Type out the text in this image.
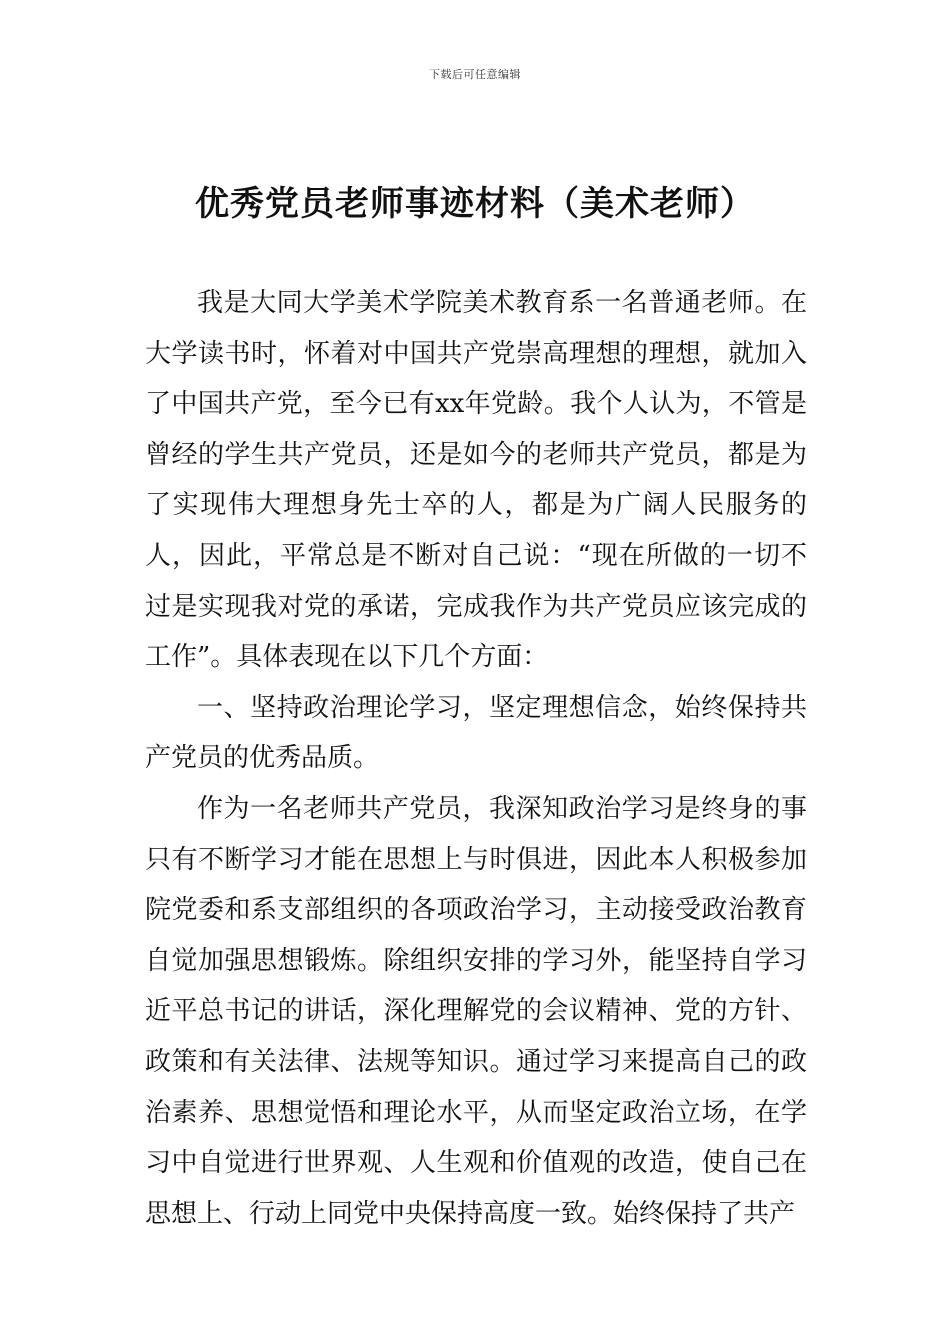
下载后可任意编辑
优秀党员老师事迹材料（美术老师）

我是大同大学美术学院美术教育系一名普通老师。在大学读书时，怀着对中国共产党崇高理想的理想，就加入了中国共产党，至今已有xx年党龄。我个人认为，不管是曾经的学生共产党员，还是如今的老师共产党员，都是为了实现伟大理想身先士卒的人，都是为广阔人民服务的人，因此，平常总是不断对自己说：“现在所做的一切不过是实现我对党的承诺，完成我作为共产党员应该完成的工作”。具体表现在以下几个方面：

一、坚持政治理论学习，坚定理想信念，始终保持共产党员的优秀品质。

作为一名老师共产党员，我深知政治学习是终身的事只有不断学习才能在思想上与时俱进，因此本人积极参加院党委和系支部组织的各项政治学习，主动接受政治教育自觉加强思想锻炼。除组织安排的学习外，能坚持自学习近平总书记的讲话，深化理解党的会议精神、党的方针、政策和有关法律、法规等知识。通过学习来提高自己的政治素养、思想觉悟和理论水平，从而坚定政治立场，在学习中自觉进行世界观、人生观和价值观的改造，使自己在思想上、行动上同党中央保持高度一致。始终保持了共产
